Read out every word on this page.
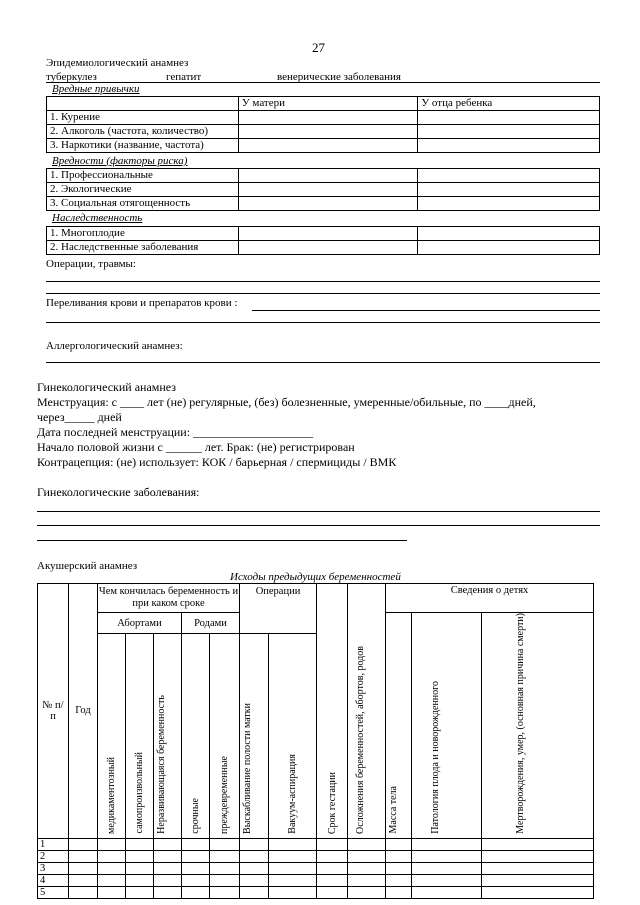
27
Эпидемиологический анамнез
туберкулез	гепатит	венерические заболевания
Вредные привычки
	У матери	У отца ребенка
1. Курение		
2. Алкоголь (частота, количество)		
3. Наркотики (название, частота)		
Вредности (факторы риска)
1. Профессиональные		
2. Экологические		
3. Социальная отягощенность		
Наследственность
1. Многоплодие		
2. Наследственные заболевания		
Операции, травмы:
Переливания крови и препаратов крови :
Аллергологический анамнез:
Гинекологический анамнез
Менструация: с ____ лет (не) регулярные, (без) болезненные, умеренные/обильные, по ____дней,
через_____ дней
Дата последней менструации: ____________________
Начало половой жизни с ______ лет. Брак: (не) регистрирован
Контрацепция: (не) использует: КОК / барьерная / спермициды / ВМК
Гинекологические заболевания:
Акушерский анамнез
Исходы предыдущих беременностей
№ п/п	Год	Чем кончилась беременность и при каком сроке					Операции		Срок гестации	Осложнения беременностей, абортов, родов	Сведения о детях		
		Абортами			Родами						Масса тела	Патология плода и новорожденного	Мертворождения, умер, (основная причина смерти)

		медикаментозный	самопроизвольный	Неразвивающаяся беременность	срочные	преждевременные	Выскабливание полости матки	Вакуум-аспирация					

1													
2													
3													
4													
5													
